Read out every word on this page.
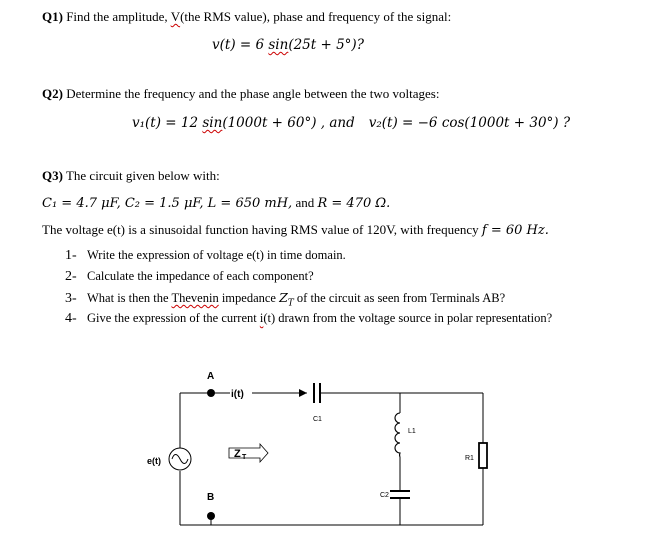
Q1) Find the amplitude, V(the RMS value), phase and frequency of the signal:
v(t) = 6 sin(25t + 5°)?
Q2) Determine the frequency and the phase angle between the two voltages:
v₁(t) = 12 sin(1000t + 60°) , and v₂(t) = −6 cos(1000t + 30°) ?
Q3) The circuit given below with:
C₁ = 4.7 μF, C₂ = 1.5 μF, L = 650 mH, and R = 470 Ω.
The voltage e(t) is a sinusoidal function having RMS value of 120V, with frequency f = 60 Hz.
1- Write the expression of voltage e(t) in time domain.
2- Calculate the impedance of each component?
3- What is then the Thevenin impedance $Z_T$ of the circuit as seen from Terminals AB?
4- Give the expression of the current i(t) drawn from the voltage source in polar representation?
A
B
i(t)
C1
C2
L1
R1
e(t)
Z T
